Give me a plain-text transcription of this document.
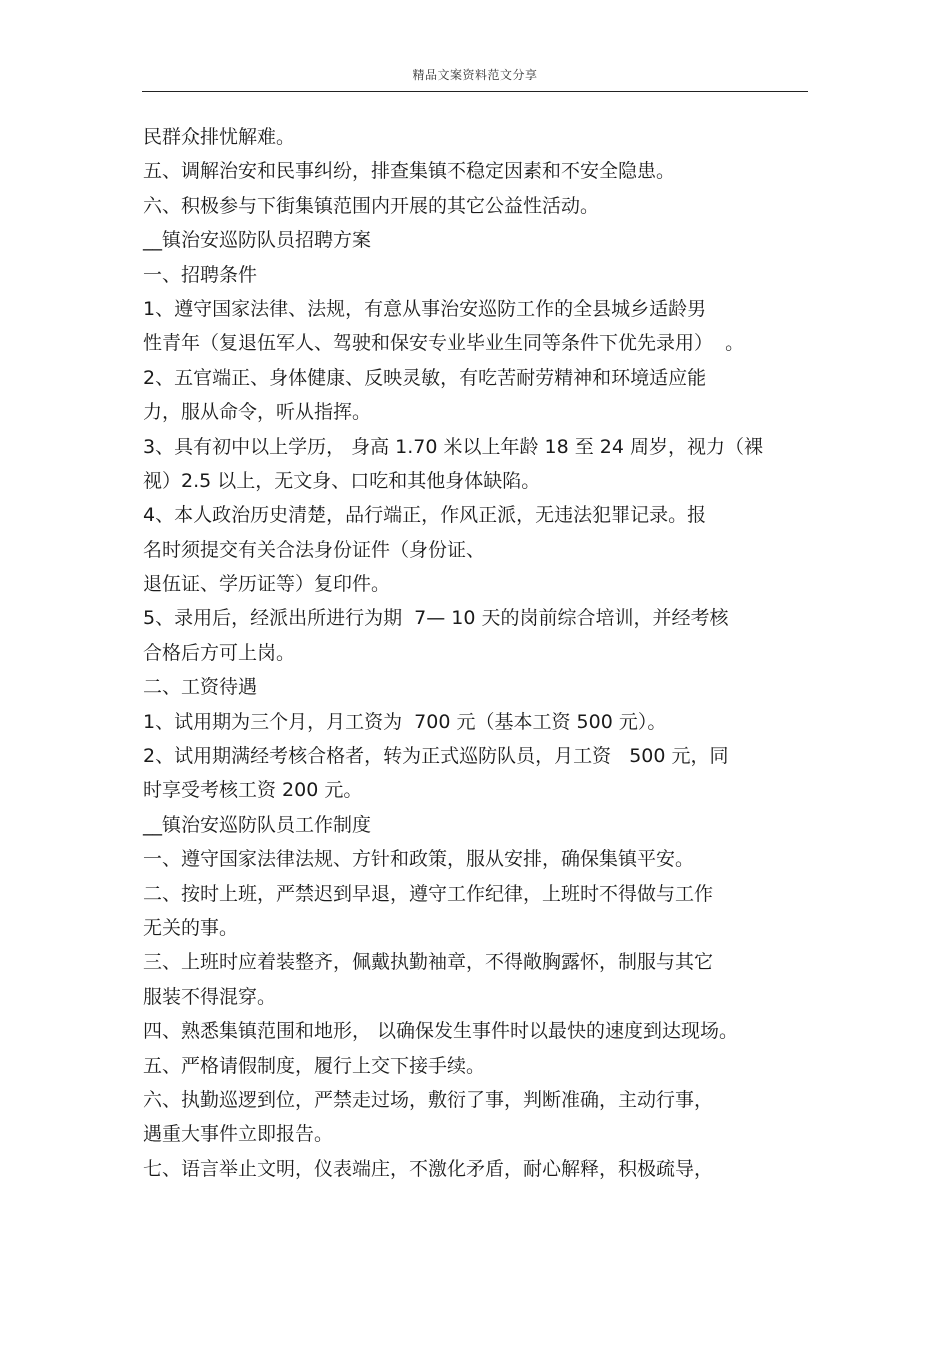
精品文案资料范文分享
民群众排忧解难。
五、调解治安和民事纠纷，排查集镇不稳定因素和不安全隐患。
六、积极参与下街集镇范围内开展的其它公益性活动。
__镇治安巡防队员招聘方案
一、招聘条件
1、遵守国家法律、法规，有意从事治安巡防工作的全县城乡适龄男
性青年（复退伍军人、驾驶和保安专业毕业生同等条件下优先录用）  。
2、五官端正、身体健康、反映灵敏，有吃苦耐劳精神和环境适应能
力，服从命令，听从指挥。
3、具有初中以上学历， 身高 1.70 米以上年龄 18 至 24 周岁，视力（裸
视）2.5 以上，无文身、口吃和其他身体缺陷。
4、本人政治历史清楚，品行端正，作风正派，无违法犯罪记录。报
名时须提交有关合法身份证件（身份证、
退伍证、学历证等）复印件。
5、录用后，经派出所进行为期  7— 10 天的岗前综合培训，并经考核
合格后方可上岗。
二、工资待遇
1、试用期为三个月，月工资为  700 元（基本工资 500 元）。
2、试用期满经考核合格者，转为正式巡防队员，月工资   500 元，同
时享受考核工资 200 元。
__镇治安巡防队员工作制度
一、遵守国家法律法规、方针和政策，服从安排，确保集镇平安。
二、按时上班，严禁迟到早退，遵守工作纪律，上班时不得做与工作
无关的事。
三、上班时应着装整齐，佩戴执勤袖章，不得敞胸露怀，制服与其它
服装不得混穿。
四、熟悉集镇范围和地形， 以确保发生事件时以最快的速度到达现场。
五、严格请假制度，履行上交下接手续。
六、执勤巡逻到位，严禁走过场，敷衍了事，判断准确，主动行事，
遇重大事件立即报告。
七、语言举止文明，仪表端庄，不激化矛盾，耐心解释，积极疏导，
